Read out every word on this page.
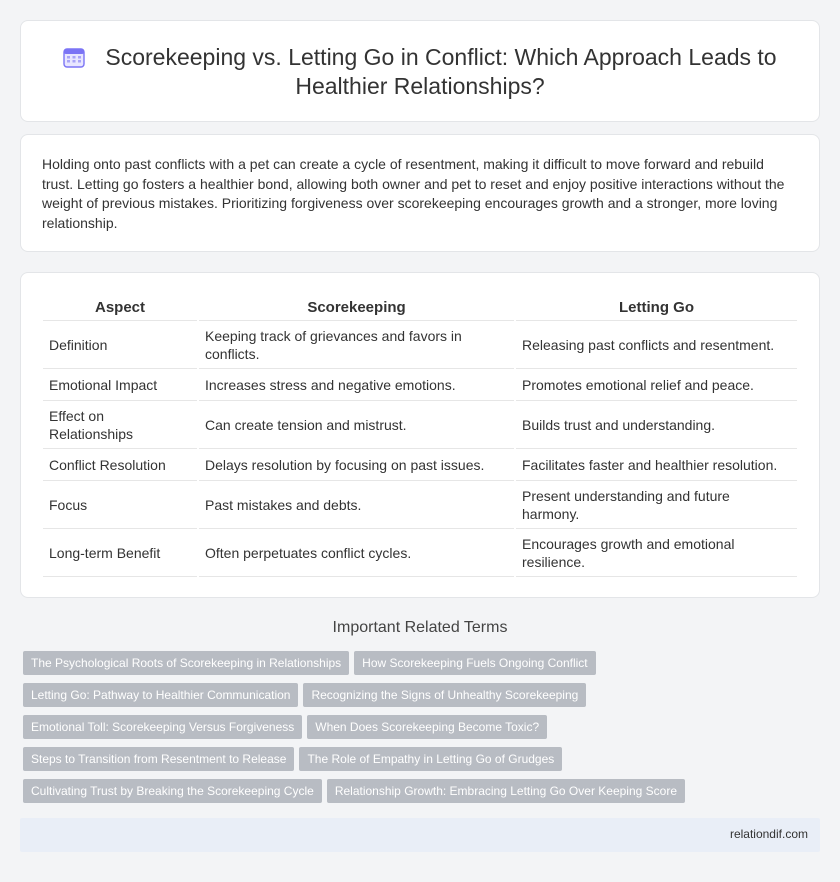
Scorekeeping vs. Letting Go in Conflict: Which Approach Leads to Healthier Relationships?

Holding onto past conflicts with a pet can create a cycle of resentment, making it difficult to move forward and rebuild trust. Letting go fosters a healthier bond, allowing both owner and pet to reset and enjoy positive interactions without the weight of previous mistakes. Prioritizing forgiveness over scorekeeping encourages growth and a stronger, more loving relationship.

Aspect	Scorekeeping	Letting Go
Definition	Keeping track of grievances and favors in conflicts.	Releasing past conflicts and resentment.
Emotional Impact	Increases stress and negative emotions.	Promotes emotional relief and peace.
Effect on Relationships	Can create tension and mistrust.	Builds trust and understanding.
Conflict Resolution	Delays resolution by focusing on past issues.	Facilitates faster and healthier resolution.
Focus	Past mistakes and debts.	Present understanding and future harmony.
Long-term Benefit	Often perpetuates conflict cycles.	Encourages growth and emotional resilience.
Important Related Terms
The Psychological Roots of Scorekeeping in Relationships How Scorekeeping Fuels Ongoing Conflict
Letting Go: Pathway to Healthier Communication Recognizing the Signs of Unhealthy Scorekeeping
Emotional Toll: Scorekeeping Versus Forgiveness When Does Scorekeeping Become Toxic?
Steps to Transition from Resentment to Release The Role of Empathy in Letting Go of Grudges
Cultivating Trust by Breaking the Scorekeeping Cycle Relationship Growth: Embracing Letting Go Over Keeping Score
relationdif.com
